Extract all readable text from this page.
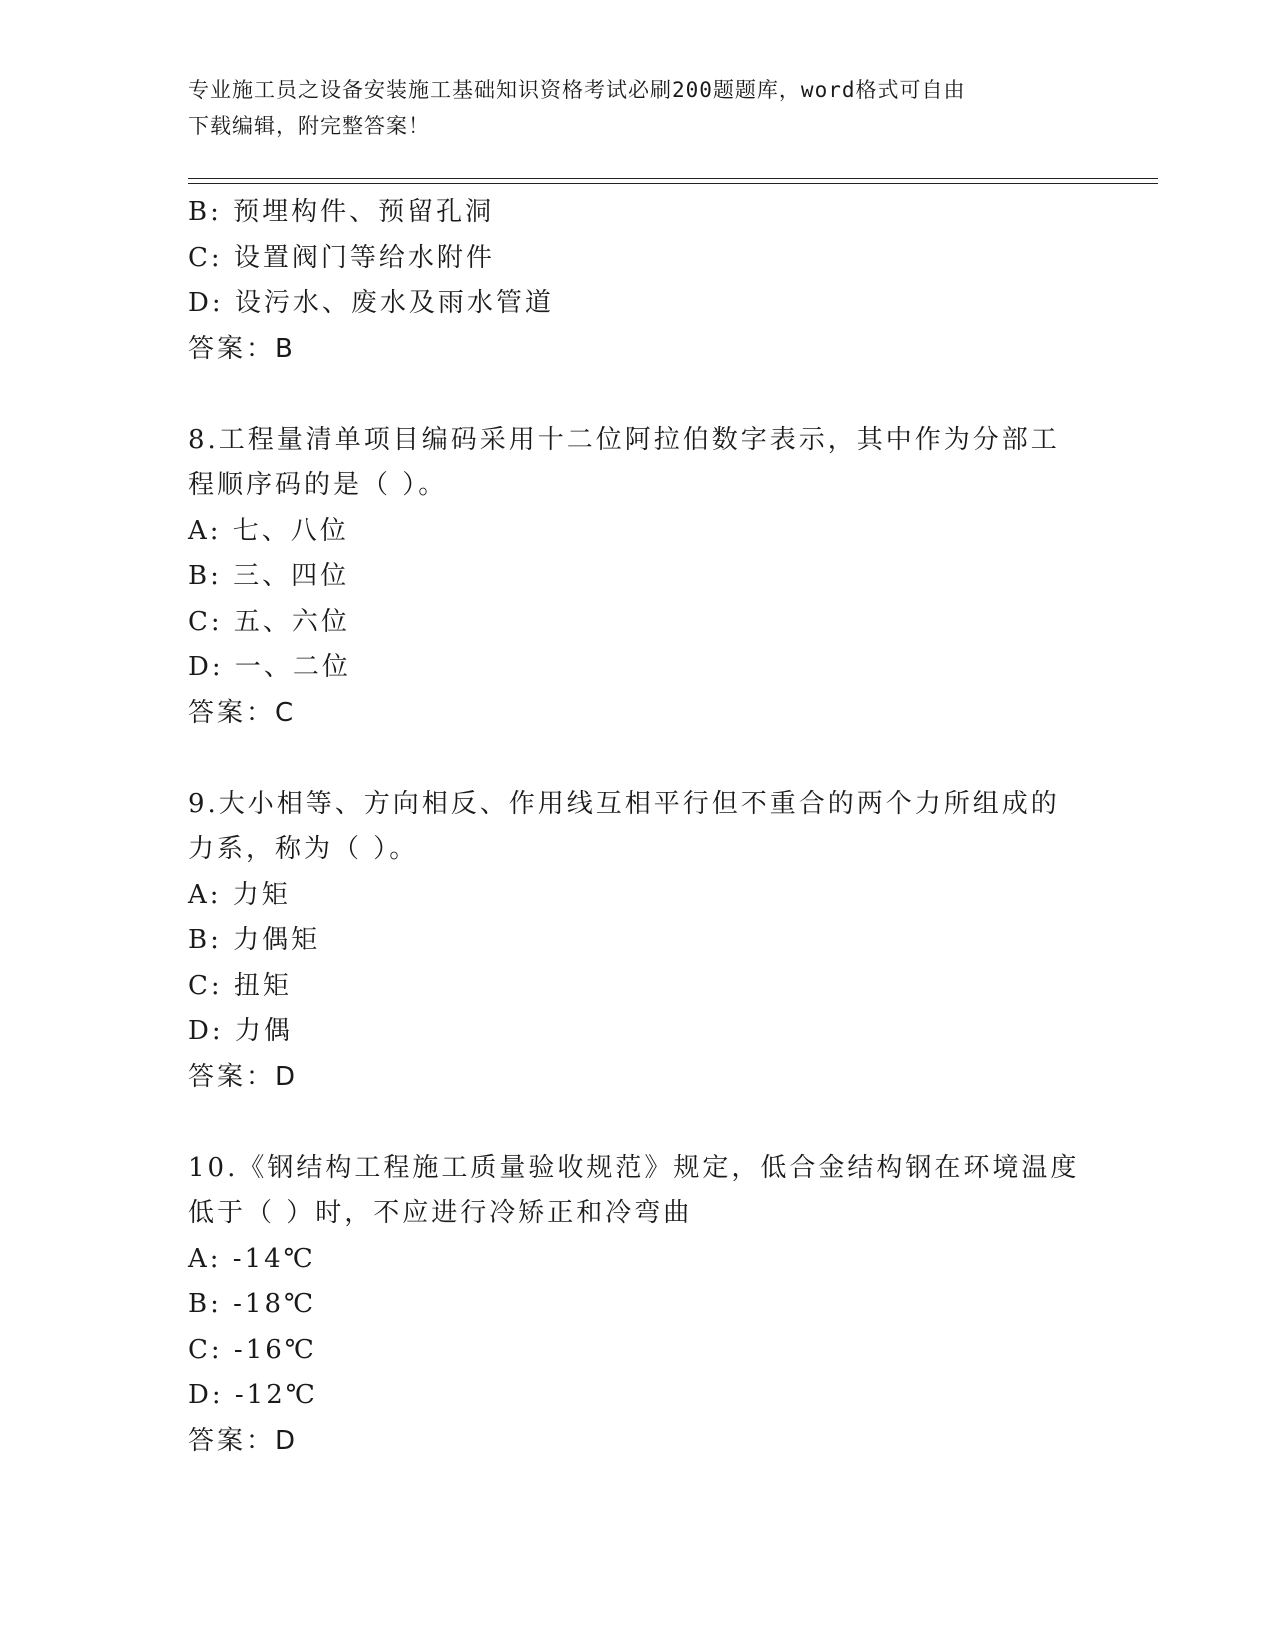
专业施工员之设备安装施工基础知识资格考试必刷200题题库，word格式可自由
下载编辑，附完整答案！
B: 预埋构件、预留孔洞
C: 设置阀门等给水附件
D: 设污水、废水及雨水管道
答案：B
8.工程量清单项目编码采用十二位阿拉伯数字表示，其中作为分部工
程顺序码的是（ ）。
A: 七、八位
B: 三、四位
C: 五、六位
D: 一、二位
答案：C
9.大小相等、方向相反、作用线互相平行但不重合的两个力所组成的
力系，称为（ ）。
A: 力矩
B: 力偶矩
C: 扭矩
D: 力偶
答案：D
10.《钢结构工程施工质量验收规范》规定，低合金结构钢在环境温度
低于（ ）时，不应进行冷矫正和冷弯曲
A: -14℃
B: -18℃
C: -16℃
D: -12℃
答案：D
